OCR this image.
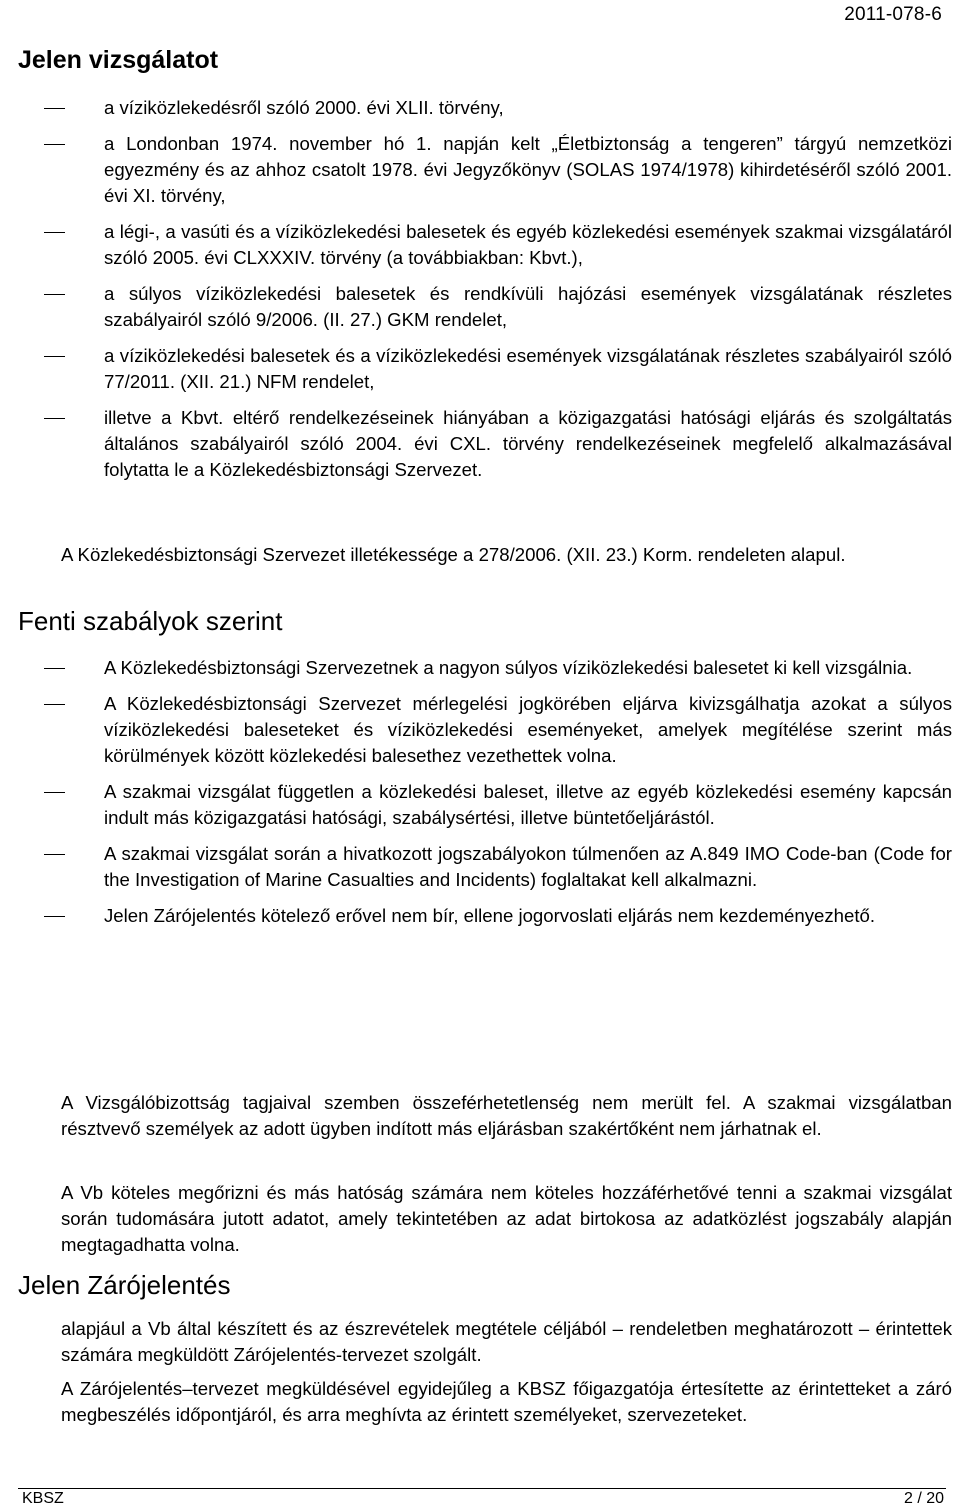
2011-078-6
Jelen vizsgálatot
a víziközlekedésről szóló 2000. évi XLII. törvény,
a Londonban 1974. november hó 1. napján kelt „Életbiztonság a tengeren” tárgyú nemzetközi egyezmény és az ahhoz csatolt 1978. évi Jegyzőkönyv (SOLAS 1974/1978) kihirdetéséről szóló 2001. évi XI. törvény,
a légi-, a vasúti és a víziközlekedési balesetek és egyéb közlekedési események szakmai vizsgálatáról szóló 2005. évi CLXXXIV. törvény (a továbbiakban: Kbvt.),
a súlyos víziközlekedési balesetek és rendkívüli hajózási események vizsgálatának részletes szabályairól szóló 9/2006. (II. 27.) GKM rendelet,
a víziközlekedési balesetek és a víziközlekedési események vizsgálatának részletes szabályairól szóló 77/2011. (XII. 21.) NFM rendelet,
illetve a Kbvt. eltérő rendelkezéseinek hiányában a közigazgatási hatósági eljárás és szolgáltatás általános szabályairól szóló 2004. évi CXL. törvény rendelkezéseinek megfelelő alkalmazásával folytatta le a Közlekedésbiztonsági Szervezet.
A Közlekedésbiztonsági Szervezet illetékessége a 278/2006. (XII. 23.) Korm. rendeleten alapul.
Fenti szabályok szerint
A Közlekedésbiztonsági Szervezetnek a nagyon súlyos víziközlekedési balesetet ki kell vizsgálnia.
A Közlekedésbiztonsági Szervezet mérlegelési jogkörében eljárva kivizsgálhatja azokat a súlyos víziközlekedési baleseteket és víziközlekedési eseményeket, amelyek megítélése szerint más körülmények között közlekedési balesethez vezethettek volna.
A szakmai vizsgálat független a közlekedési baleset, illetve az egyéb közlekedési esemény kapcsán indult más közigazgatási hatósági, szabálysértési, illetve büntetőeljárástól.
A szakmai vizsgálat során a hivatkozott jogszabályokon túlmenően az A.849 IMO Code-ban (Code for the Investigation of Marine Casualties and Incidents) foglaltakat kell alkalmazni.
Jelen Zárójelentés kötelező erővel nem bír, ellene jogorvoslati eljárás nem kezdeményezhető.
A Vizsgálóbizottság tagjaival szemben összeférhetetlenség nem merült fel. A szakmai vizsgálatban résztvevő személyek az adott ügyben indított más eljárásban szakértőként nem járhatnak el.
A Vb köteles megőrizni és más hatóság számára nem köteles hozzáférhetővé tenni a szakmai vizsgálat során tudomására jutott adatot, amely tekintetében az adat birtokosa az adatközlést jogszabály alapján megtagadhatta volna.
Jelen Zárójelentés
alapjául a Vb által készített és az észrevételek megtétele céljából – rendeletben meghatározott – érintettek számára megküldött Zárójelentés-tervezet szolgált.
A Zárójelentés–tervezet megküldésével egyidejűleg a KBSZ főigazgatója értesítette az érintetteket a záró megbeszélés időpontjáról, és arra meghívta az érintett személyeket, szervezeteket.
KBSZ	2 / 20
